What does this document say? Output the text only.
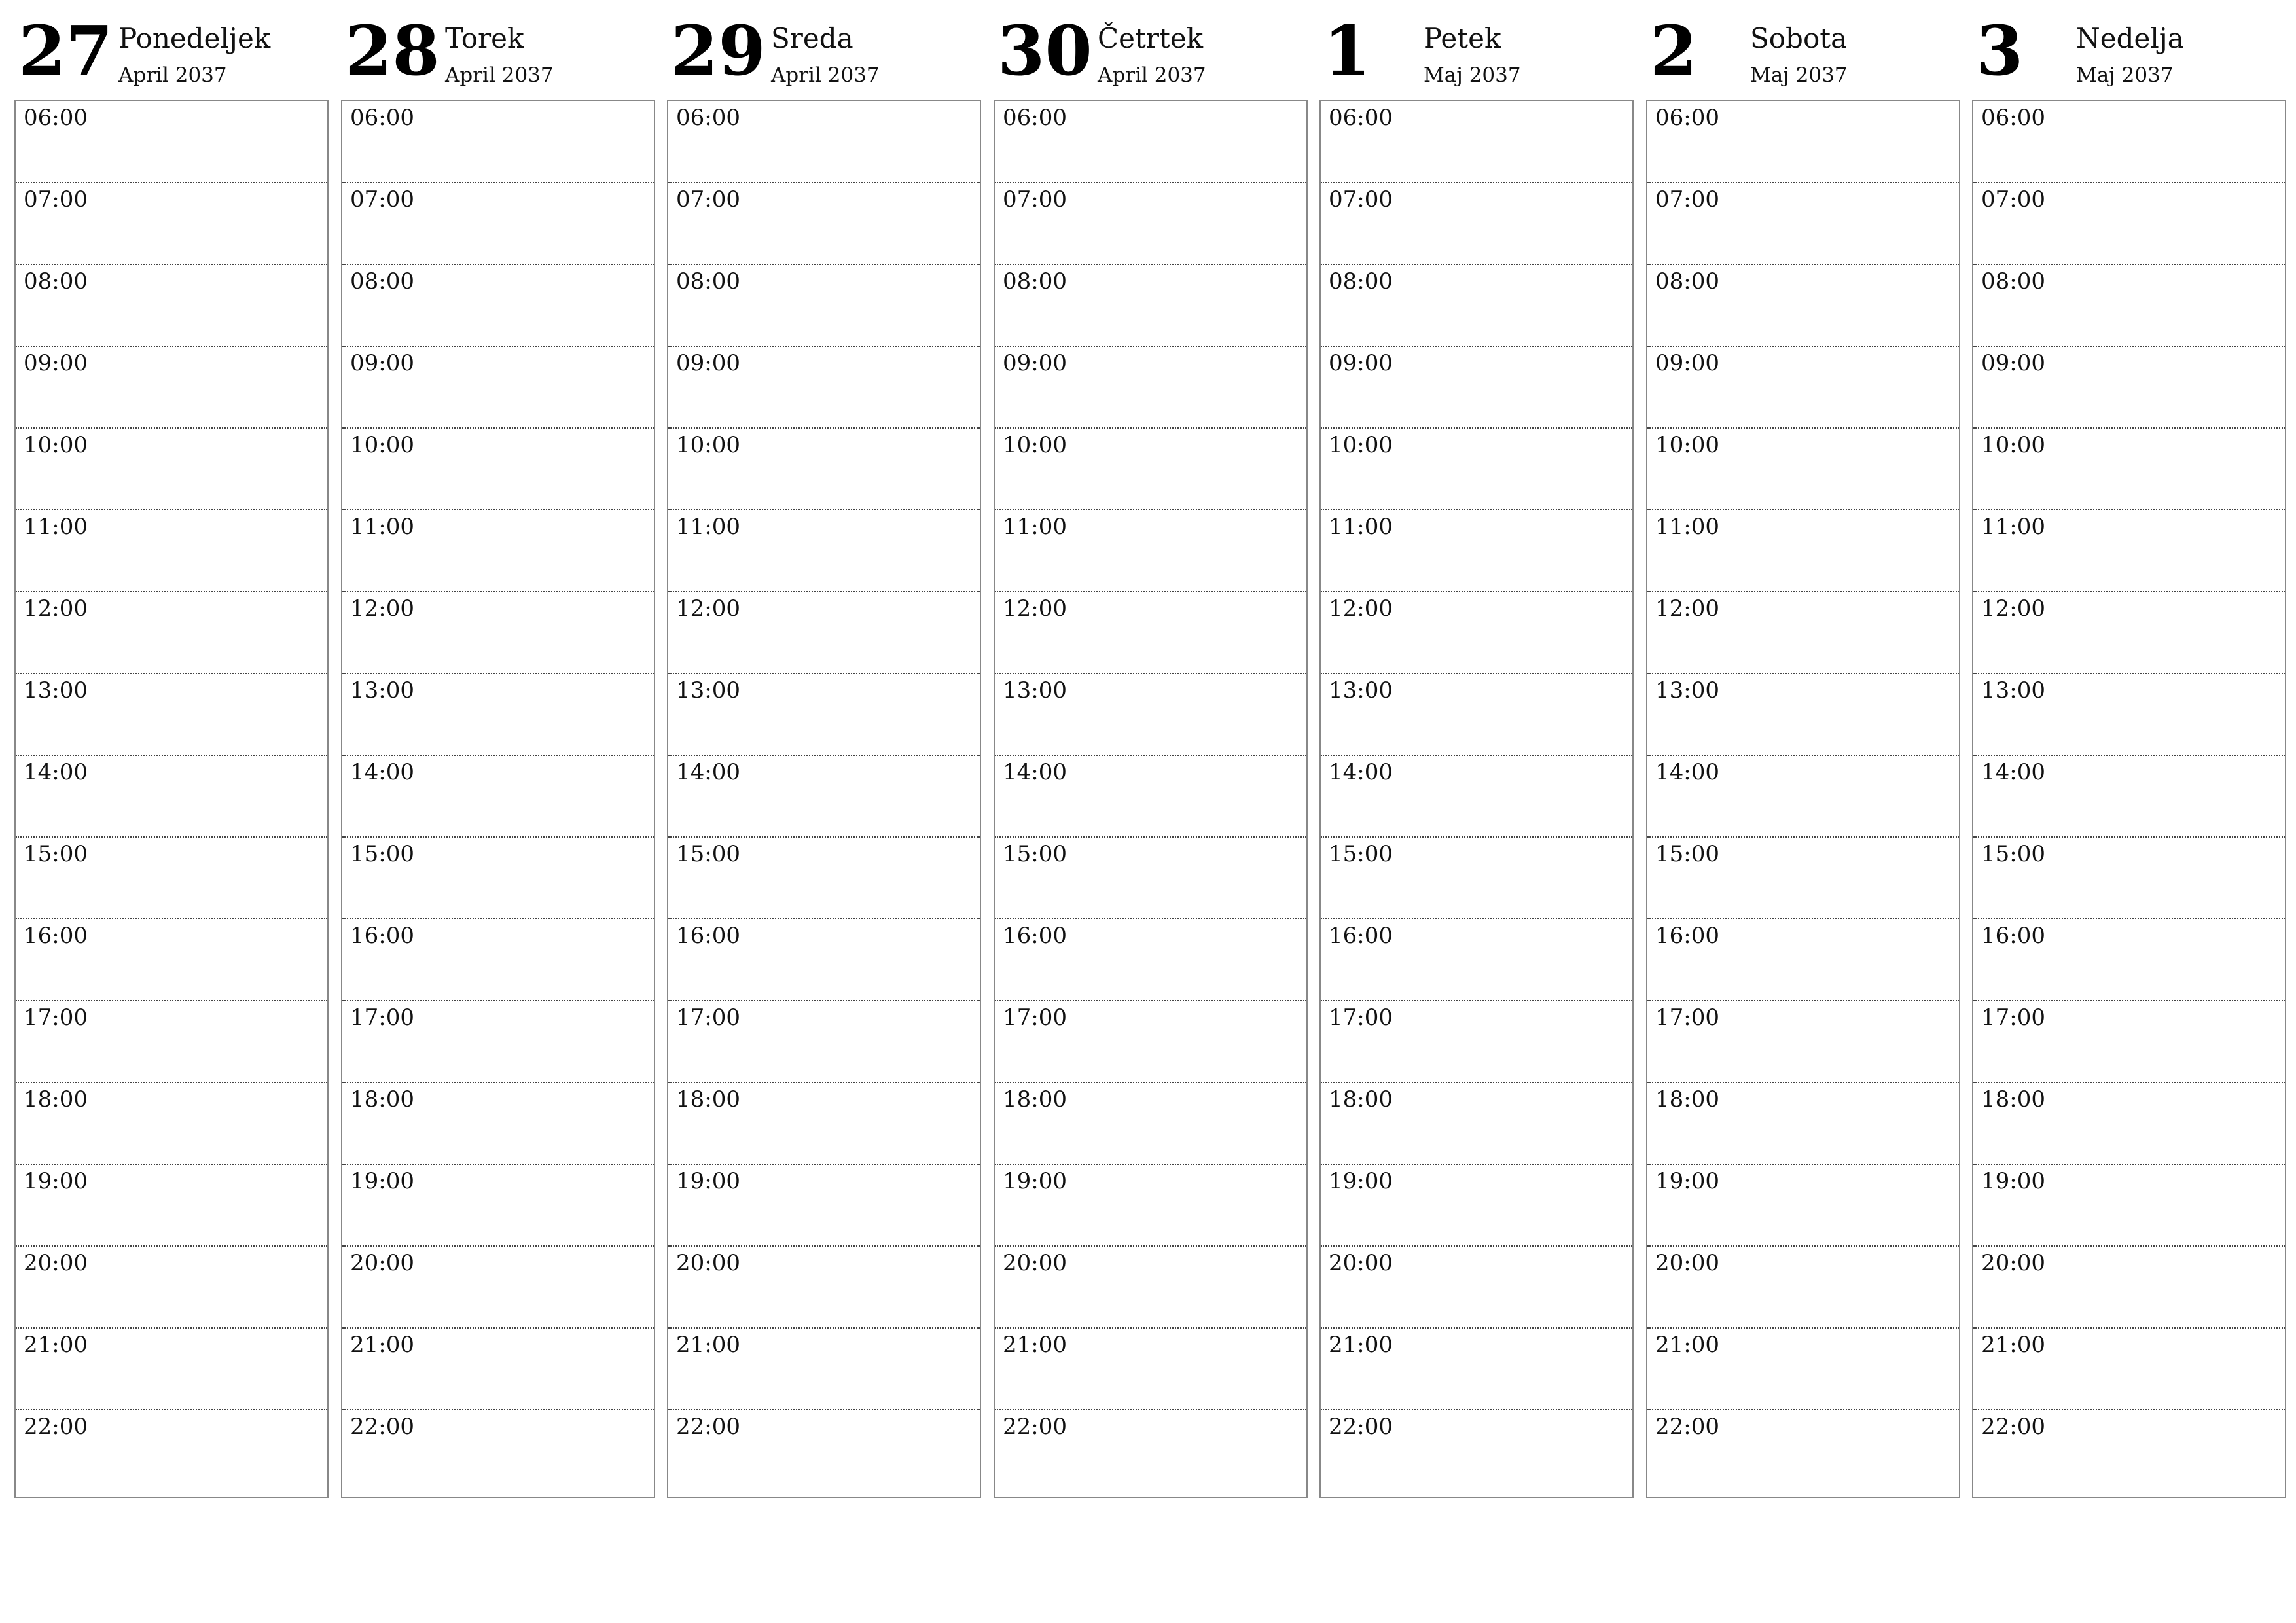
27 Ponedeljek
April 2037
06:00
07:00
08:00
09:00
10:00
11:00
12:00
13:00
14:00
15:00
16:00
17:00
18:00
19:00
20:00
21:00
22:00
28 Torek
April 2037
06:00
07:00
08:00
09:00
10:00
11:00
12:00
13:00
14:00
15:00
16:00
17:00
18:00
19:00
20:00
21:00
22:00
29 Sreda
April 2037
06:00
07:00
08:00
09:00
10:00
11:00
12:00
13:00
14:00
15:00
16:00
17:00
18:00
19:00
20:00
21:00
22:00
30 Četrtek
April 2037
06:00
07:00
08:00
09:00
10:00
11:00
12:00
13:00
14:00
15:00
16:00
17:00
18:00
19:00
20:00
21:00
22:00
1 Petek
Maj 2037
06:00
07:00
08:00
09:00
10:00
11:00
12:00
13:00
14:00
15:00
16:00
17:00
18:00
19:00
20:00
21:00
22:00
2 Sobota
Maj 2037
06:00
07:00
08:00
09:00
10:00
11:00
12:00
13:00
14:00
15:00
16:00
17:00
18:00
19:00
20:00
21:00
22:00
3 Nedelja
Maj 2037
06:00
07:00
08:00
09:00
10:00
11:00
12:00
13:00
14:00
15:00
16:00
17:00
18:00
19:00
20:00
21:00
22:00
